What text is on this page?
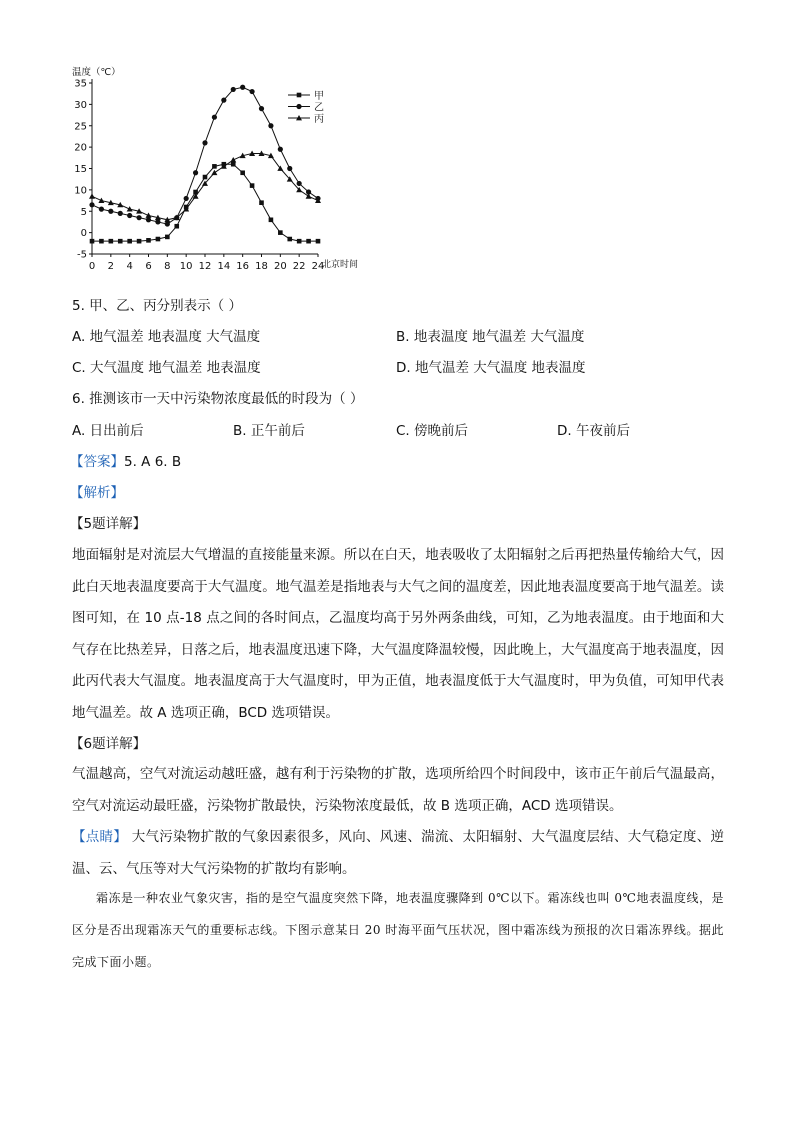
温度（℃）
-5
0
5
10
15
20
25
30
35
0 2 4 6 8 10 12 14 16 18 20 22 24
北京时间
甲
乙
丙
5. 甲、乙、丙分别表示（ ）
A. 地气温差 地表温度 大气温度	B. 地表温度 地气温差 大气温度
C. 大气温度 地气温差 地表温度	D. 地气温差 大气温度 地表温度
6. 推测该市一天中污染物浓度最低的时段为（ ）
A. 日出前后	B. 正午前后	C. 傍晚前后	D. 午夜前后
【答案】5. A 6. B
【解析】
【5题详解】

地面辐射是对流层大气增温的直接能量来源。所以在白天，地表吸收了太阳辐射之后再把热量传输给大气，因此白天地表温度要高于大气温度。地气温差是指地表与大气之间的温度差，因此地表温度要高于地气温差。读图可知，在 10 点-18 点之间的各时间点，乙温度均高于另外两条曲线，可知，乙为地表温度。由于地面和大气存在比热差异，日落之后，地表温度迅速下降，大气温度降温较慢，因此晚上，大气温度高于地表温度，因此丙代表大气温度。地表温度高于大气温度时，甲为正值，地表温度低于大气温度时，甲为负值，可知甲代表地气温差。故 A 选项正确，BCD 选项错误。

【6题详解】

气温越高，空气对流运动越旺盛，越有利于污染物的扩散，选项所给四个时间段中，该市正午前后气温最高，空气对流运动最旺盛，污染物扩散最快，污染物浓度最低，故 B 选项正确，ACD 选项错误。

【点睛】 大气污染物扩散的气象因素很多，风向、风速、湍流、太阳辐射、大气温度层结、大气稳定度、逆温、云、气压等对大气污染物的扩散均有影响。

霜冻是一种农业气象灾害，指的是空气温度突然下降，地表温度骤降到 0℃以下。霜冻线也叫 0℃地表温度线，是区分是否出现霜冻天气的重要标志线。下图示意某日 20 时海平面气压状况，图中霜冻线为预报的次日霜冻界线。据此完成下面小题。
